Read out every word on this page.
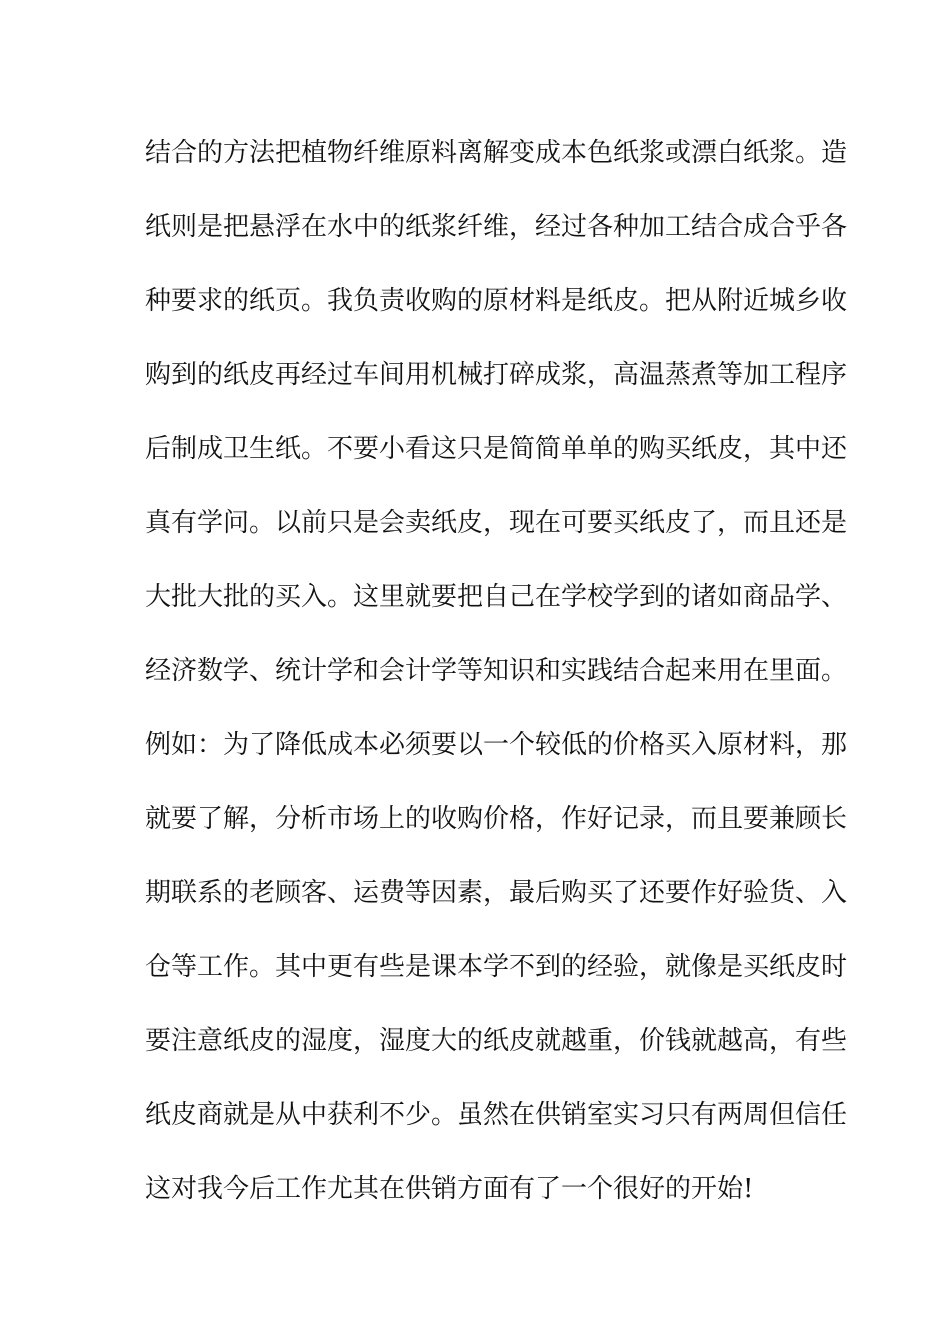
结合的方法把植物纤维原料离解变成本色纸浆或漂白纸浆。造
纸则是把悬浮在水中的纸浆纤维，经过各种加工结合成合乎各
种要求的纸页。我负责收购的原材料是纸皮。把从附近城乡收
购到的纸皮再经过车间用机械打碎成浆，高温蒸煮等加工程序
后制成卫生纸。不要小看这只是简简单单的购买纸皮，其中还
真有学问。以前只是会卖纸皮，现在可要买纸皮了，而且还是
大批大批的买入。这里就要把自己在学校学到的诸如商品学、
经济数学、统计学和会计学等知识和实践结合起来用在里面。
例如：为了降低成本必须要以一个较低的价格买入原材料，那
就要了解，分析市场上的收购价格，作好记录，而且要兼顾长
期联系的老顾客、运费等因素，最后购买了还要作好验货、入
仓等工作。其中更有些是课本学不到的经验，就像是买纸皮时
要注意纸皮的湿度，湿度大的纸皮就越重，价钱就越高，有些
纸皮商就是从中获利不少。虽然在供销室实习只有两周但信任
这对我今后工作尤其在供销方面有了一个很好的开始!
